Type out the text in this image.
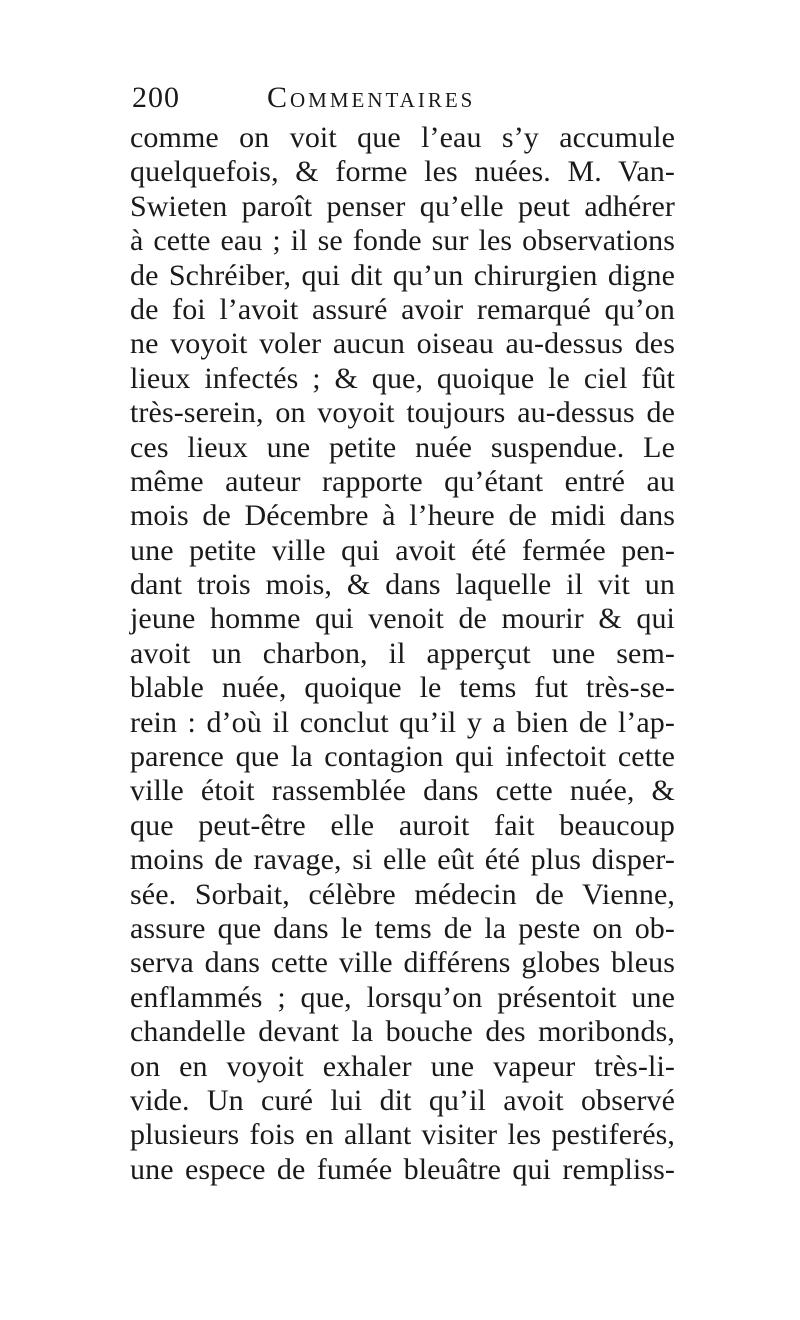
200	Commentaires
comme on voit que l’eau s’y accumule
quelquefois, & forme les nuées. M. Van-
Swieten paroît penser qu’elle peut adhérer
à cette eau ; il se fonde sur les observations
de Schréiber, qui dit qu’un chirurgien digne
de foi l’avoit assuré avoir remarqué qu’on
ne voyoit voler aucun oiseau au-dessus des
lieux infectés ; & que, quoique le ciel fût
très-serein, on voyoit toujours au-dessus de
ces lieux une petite nuée suspendue. Le
même auteur rapporte qu’étant entré au
mois de Décembre à l’heure de midi dans
une petite ville qui avoit été fermée pen-
dant trois mois, & dans laquelle il vit un
jeune homme qui venoit de mourir & qui
avoit un charbon, il apperçut une sem-
blable nuée, quoique le tems fut très-se-
rein : d’où il conclut qu’il y a bien de l’ap-
parence que la contagion qui infectoit cette
ville étoit rassemblée dans cette nuée, &
que peut-être elle auroit fait beaucoup
moins de ravage, si elle eût été plus disper-
sée. Sorbait, célèbre médecin de Vienne,
assure que dans le tems de la peste on ob-
serva dans cette ville différens globes bleus
enflammés ; que, lorsqu’on présentoit une
chandelle devant la bouche des moribonds,
on en voyoit exhaler une vapeur très-li-
vide. Un curé lui dit qu’il avoit observé
plusieurs fois en allant visiter les pestiferés,
une espece de fumée bleuâtre qui rempliss-
